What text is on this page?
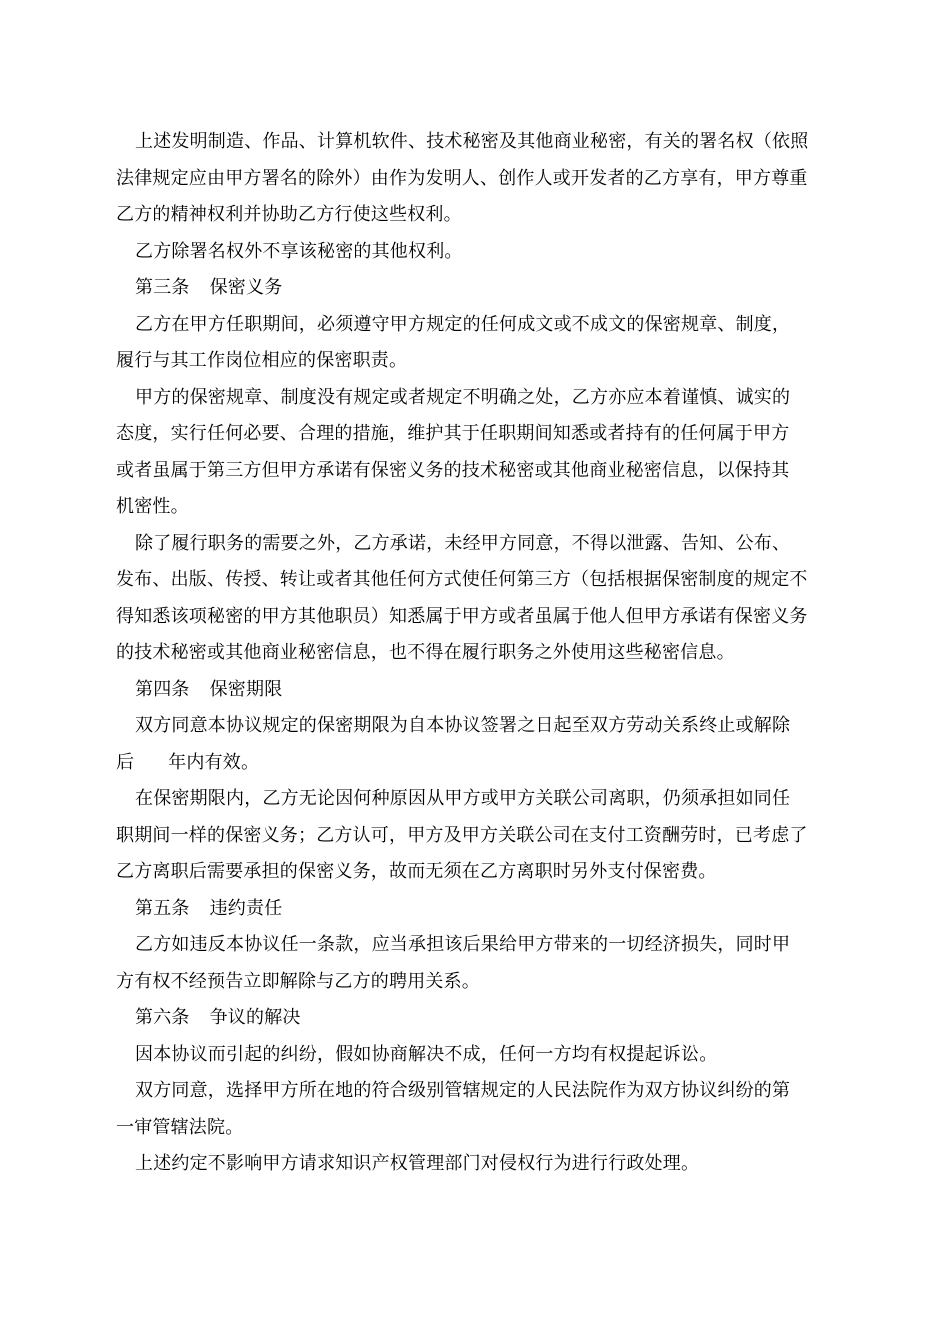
上述发明制造、作品、计算机软件、技术秘密及其他商业秘密，有关的署名权（依照
法律规定应由甲方署名的除外）由作为发明人、创作人或开发者的乙方享有，甲方尊重
乙方的精神权利并协助乙方行使这些权利。
乙方除署名权外不享该秘密的其他权利。
第三条 保密义务
乙方在甲方任职期间，必须遵守甲方规定的任何成文或不成文的保密规章、制度，
履行与其工作岗位相应的保密职责。
甲方的保密规章、制度没有规定或者规定不明确之处，乙方亦应本着谨慎、诚实的
态度，实行任何必要、合理的措施，维护其于任职期间知悉或者持有的任何属于甲方
或者虽属于第三方但甲方承诺有保密义务的技术秘密或其他商业秘密信息，以保持其
机密性。
除了履行职务的需要之外，乙方承诺，未经甲方同意，不得以泄露、告知、公布、
发布、出版、传授、转让或者其他任何方式使任何第三方（包括根据保密制度的规定不
得知悉该项秘密的甲方其他职员）知悉属于甲方或者虽属于他人但甲方承诺有保密义务
的技术秘密或其他商业秘密信息，也不得在履行职务之外使用这些秘密信息。
第四条 保密期限
双方同意本协议规定的保密期限为自本协议签署之日起至双方劳动关系终止或解除
后 年内有效。
在保密期限内，乙方无论因何种原因从甲方或甲方关联公司离职，仍须承担如同任
职期间一样的保密义务；乙方认可，甲方及甲方关联公司在支付工资酬劳时，已考虑了
乙方离职后需要承担的保密义务，故而无须在乙方离职时另外支付保密费。
第五条 违约责任
乙方如违反本协议任一条款，应当承担该后果给甲方带来的一切经济损失，同时甲
方有权不经预告立即解除与乙方的聘用关系。
第六条 争议的解决
因本协议而引起的纠纷，假如协商解决不成，任何一方均有权提起诉讼。
双方同意，选择甲方所在地的符合级别管辖规定的人民法院作为双方协议纠纷的第
一审管辖法院。
上述约定不影响甲方请求知识产权管理部门对侵权行为进行行政处理。
